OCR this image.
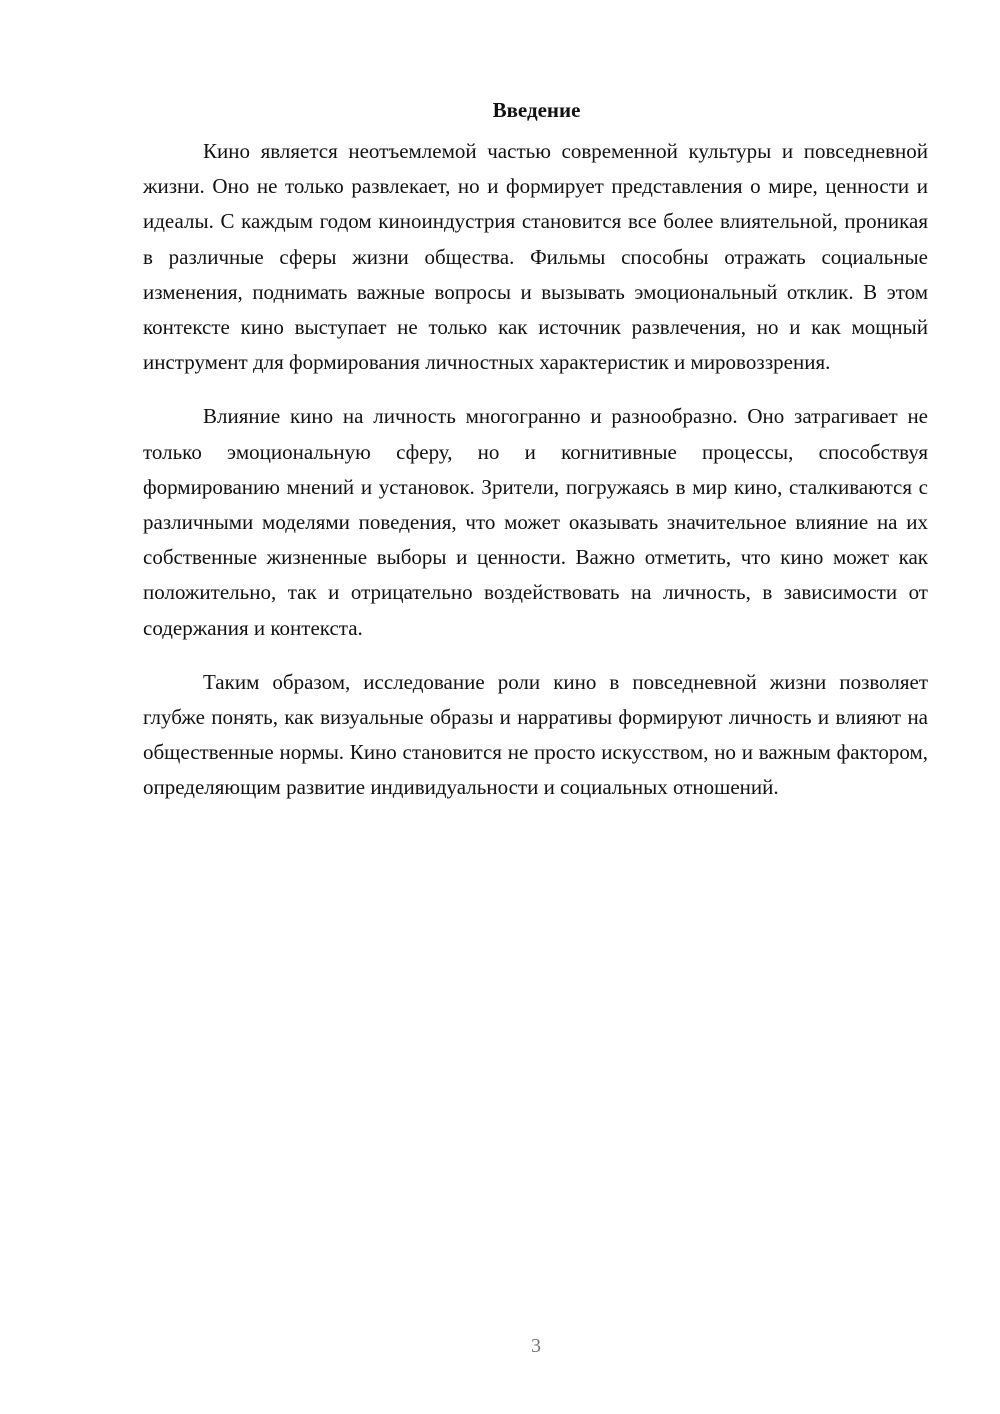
Введение

Кино является неотъемлемой частью современной культуры и повседневной жизни. Оно не только развлекает, но и формирует представления о мире, ценности и идеалы. С каждым годом киноиндустрия становится все более влиятельной, проникая в различные сферы жизни общества. Фильмы способны отражать социальные изменения, поднимать важные вопросы и вызывать эмоциональный отклик. В этом контексте кино выступает не только как источник развлечения, но и как мощный инструмент для формирования личностных характеристик и мировоззрения.

Влияние кино на личность многогранно и разнообразно. Оно затрагивает не только эмоциональную сферу, но и когнитивные процессы, способствуя формированию мнений и установок. Зрители, погружаясь в мир кино, сталкиваются с различными моделями поведения, что может оказывать значительное влияние на их собственные жизненные выборы и ценности. Важно отметить, что кино может как положительно, так и отрицательно воздействовать на личность, в зависимости от содержания и контекста.

Таким образом, исследование роли кино в повседневной жизни позволяет глубже понять, как визуальные образы и нарративы формируют личность и влияют на общественные нормы. Кино становится не просто искусством, но и важным фактором, определяющим развитие индивидуальности и социальных отношений.

3
